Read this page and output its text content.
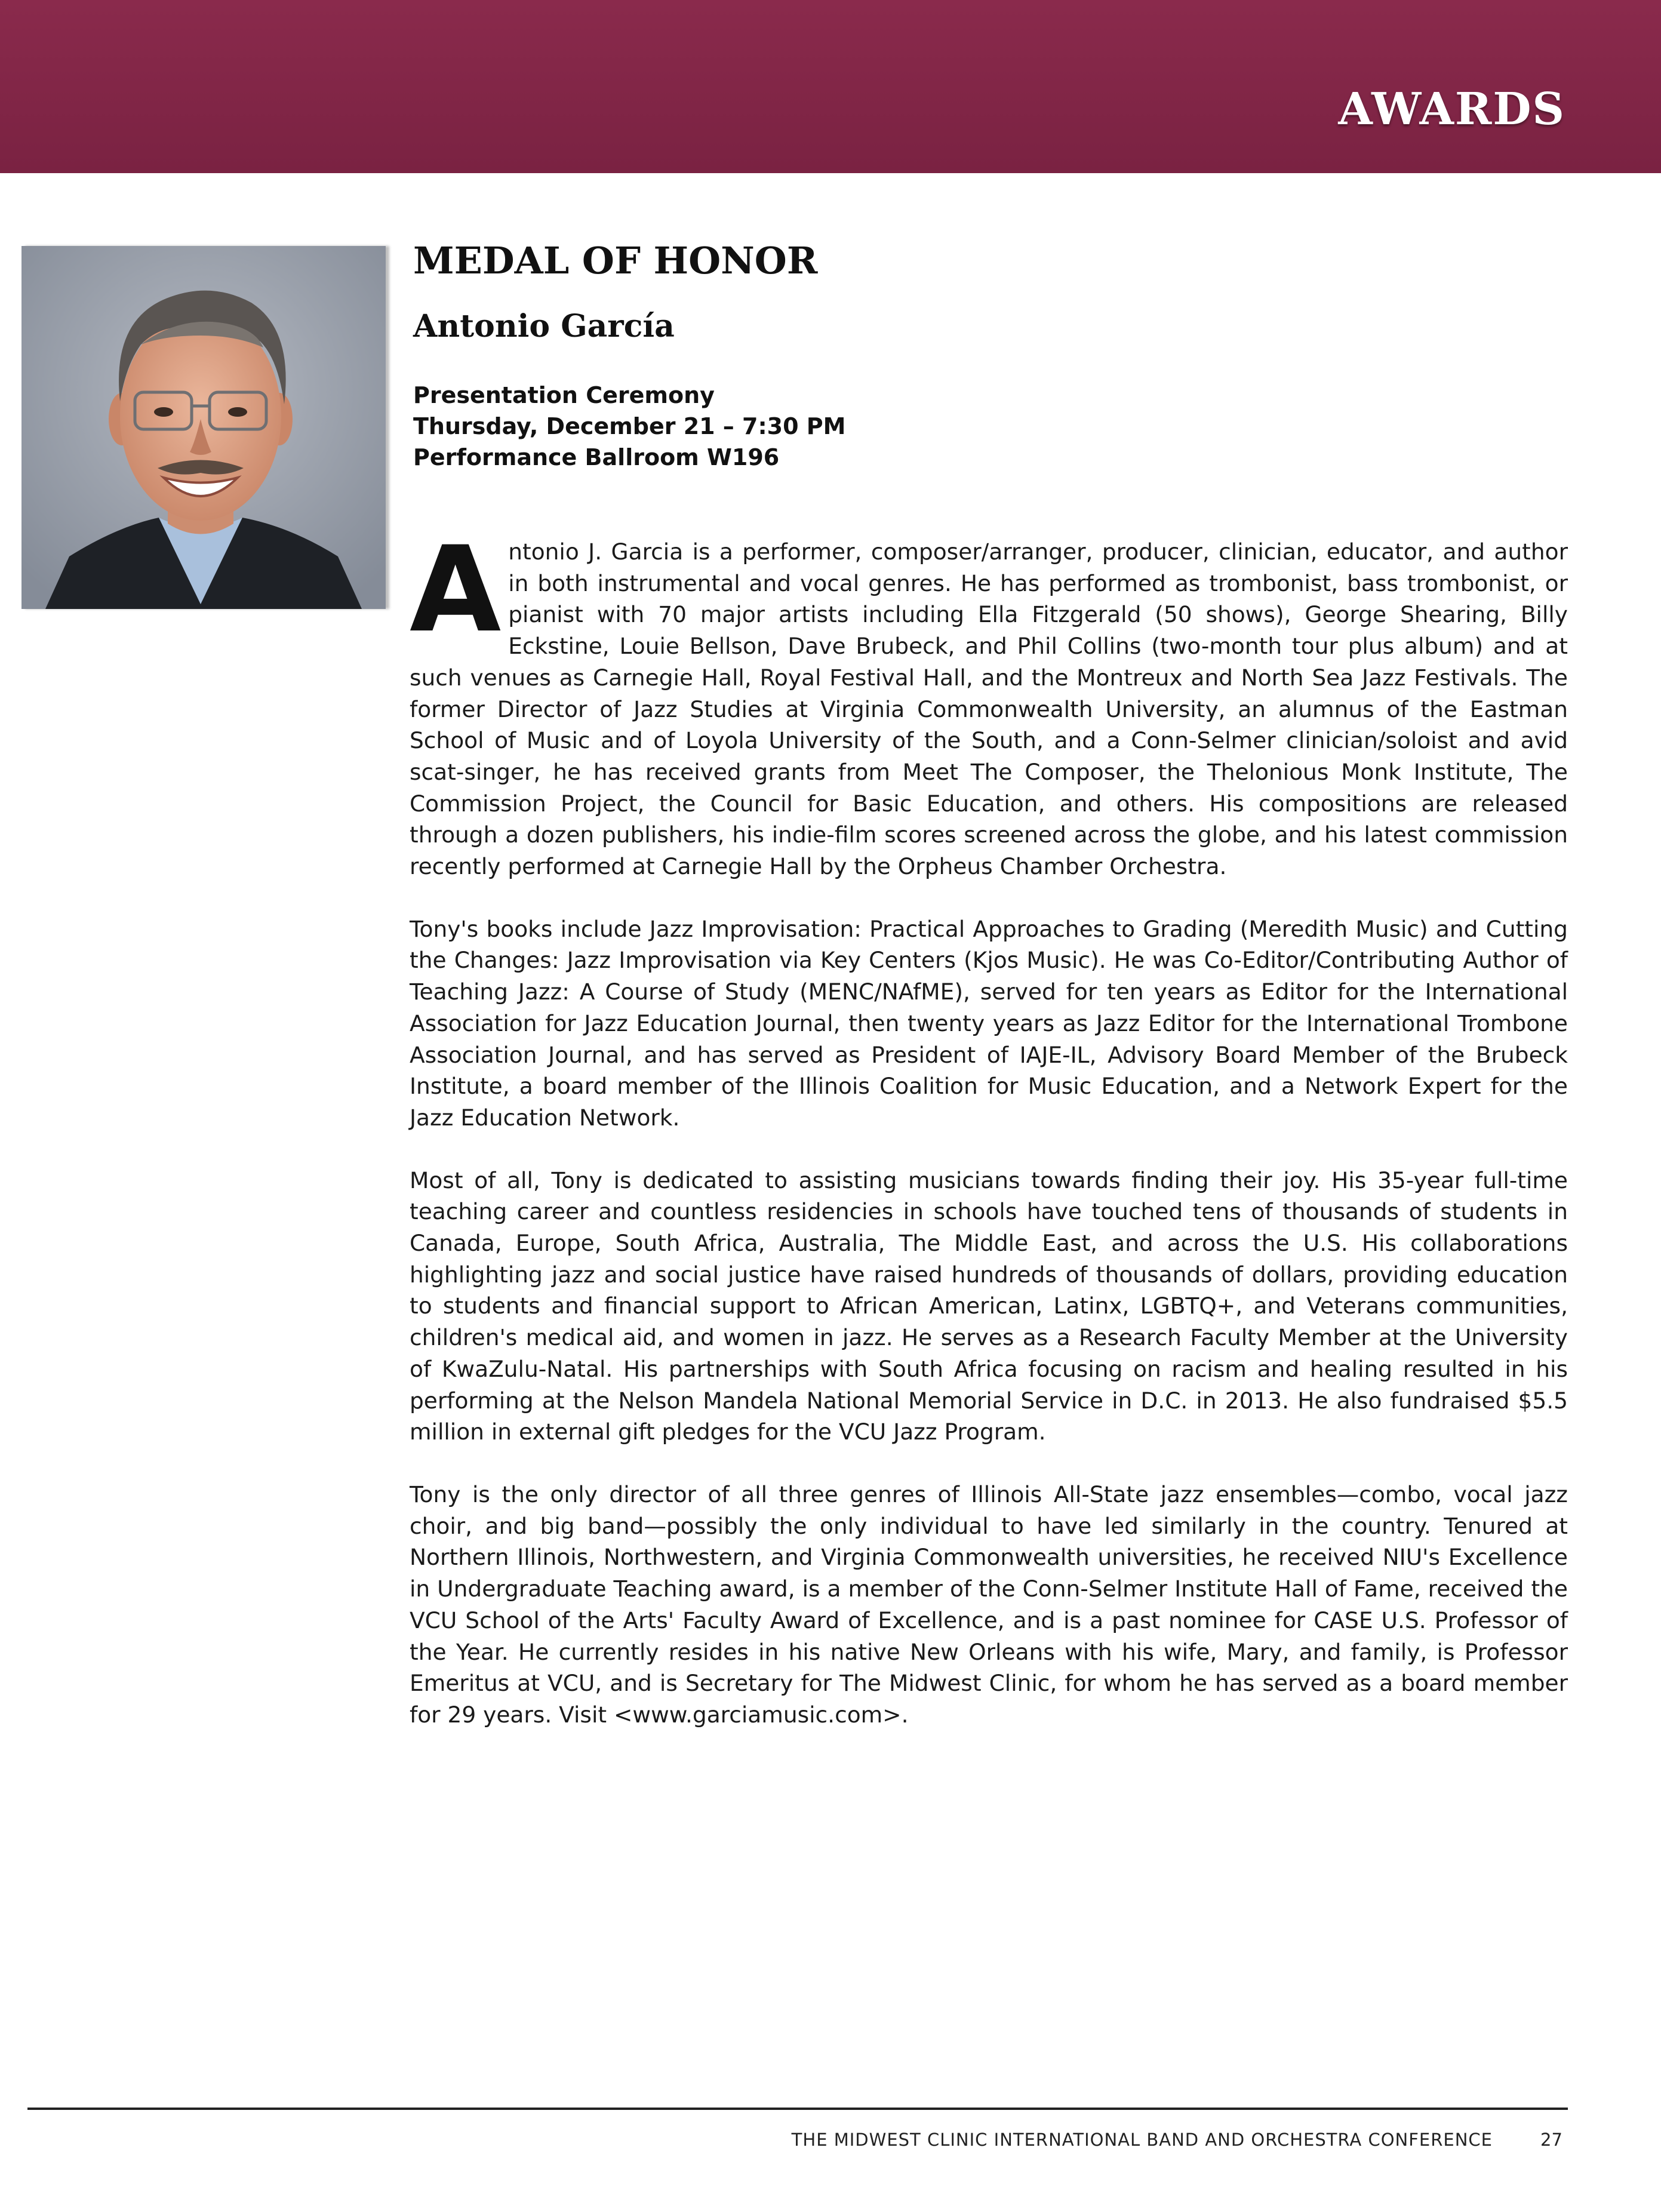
AWARDS
MEDAL OF HONOR
Antonio García
Presentation Ceremony
Thursday, December 21 – 7:30 PM
Performance Ballroom W196

Antonio J. Garcia is a performer, composer/arranger, producer, clinician, educator, and author in both instrumental and vocal genres. He has performed as trombonist, bass trombonist, or pianist with 70 major artists including Ella Fitzgerald (50 shows), George Shearing, Billy Eckstine, Louie Bellson, Dave Brubeck, and Phil Collins (two-month tour plus album) and at such venues as Carnegie Hall, Royal Festival Hall, and the Montreux and North Sea Jazz Festivals. The former Director of Jazz Studies at Virginia Commonwealth University, an alumnus of the Eastman School of Music and of Loyola University of the South, and a Conn-Selmer clinician/soloist and avid scat-singer, he has received grants from Meet The Composer, the Thelonious Monk Institute, The Commission Project, the Council for Basic Education, and others. His compositions are released through a dozen publishers, his indie-film scores screened across the globe, and his latest commission recently performed at Carnegie Hall by the Orpheus Chamber Orchestra.

Tony's books include Jazz Improvisation: Practical Approaches to Grading (Meredith Music) and Cutting the Changes: Jazz Improvisation via Key Centers (Kjos Music). He was Co-Editor/Contributing Author of Teaching Jazz: A Course of Study (MENC/NAfME), served for ten years as Editor for the International Association for Jazz Education Journal, then twenty years as Jazz Editor for the International Trombone Association Journal, and has served as President of IAJE-IL, Advisory Board Member of the Brubeck Institute, a board member of the Illinois Coalition for Music Education, and a Network Expert for the Jazz Education Network.

Most of all, Tony is dedicated to assisting musicians towards finding their joy. His 35-year full-time teaching career and countless residencies in schools have touched tens of thousands of students in Canada, Europe, South Africa, Australia, The Middle East, and across the U.S. His collaborations highlighting jazz and social justice have raised hundreds of thousands of dollars, providing education to students and financial support to African American, Latinx, LGBTQ+, and Veterans communities, children's medical aid, and women in jazz. He serves as a Research Faculty Member at the University of KwaZulu-Natal. His partnerships with South Africa focusing on racism and healing resulted in his performing at the Nelson Mandela National Memorial Service in D.C. in 2013. He also fundraised $5.5 million in external gift pledges for the VCU Jazz Program.

Tony is the only director of all three genres of Illinois All-State jazz ensembles—combo, vocal jazz choir, and big band—possibly the only individual to have led similarly in the country. Tenured at Northern Illinois, Northwestern, and Virginia Commonwealth universities, he received NIU's Excellence in Undergraduate Teaching award, is a member of the Conn-Selmer Institute Hall of Fame, received the VCU School of the Arts' Faculty Award of Excellence, and is a past nominee for CASE U.S. Professor of the Year. He currently resides in his native New Orleans with his wife, Mary, and family, is Professor Emeritus at VCU, and is Secretary for The Midwest Clinic, for whom he has served as a board member for 29 years. Visit <www.garciamusic.com>.

THE MIDWEST CLINIC INTERNATIONAL BAND AND ORCHESTRA CONFERENCE	27
